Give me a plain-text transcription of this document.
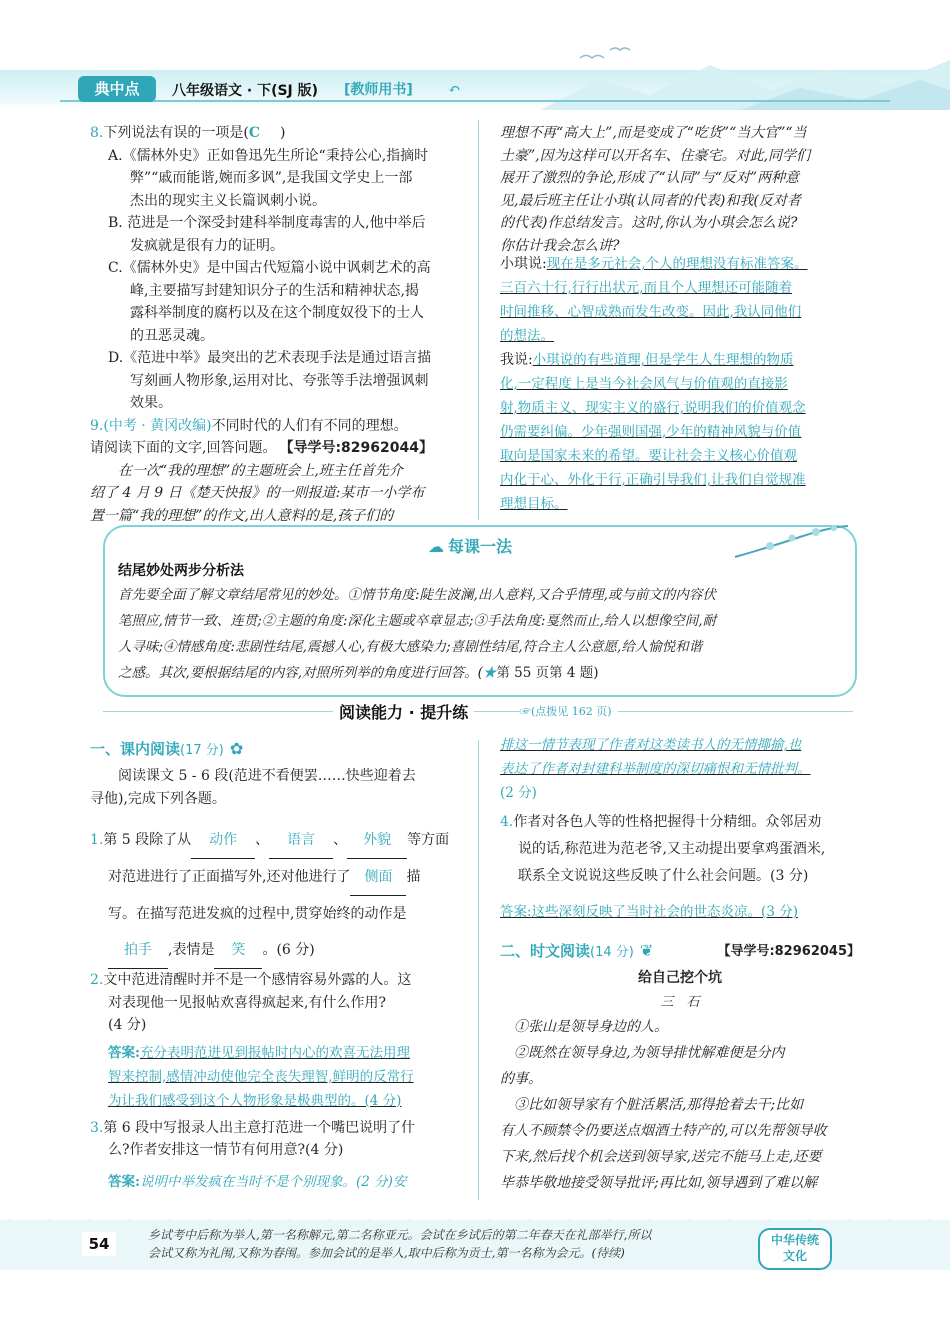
典中点	八年级语文 · 下(SJ 版) [教师用书] ↶
8.下列说法有误的一项是(C )
A.《儒林外史》正如鲁迅先生所论“秉持公心,指摘时
弊”“戚而能谐,婉而多讽”,是我国文学史上一部
杰出的现实主义长篇讽刺小说。
B. 范进是一个深受封建科举制度毒害的人,他中举后
发疯就是很有力的证明。
C.《儒林外史》是中国古代短篇小说中讽刺艺术的高
峰,主要描写封建知识分子的生活和精神状态,揭
露科举制度的腐朽以及在这个制度奴役下的士人
的丑恶灵魂。
D.《范进中举》最突出的艺术表现手法是通过语言描
写刻画人物形象,运用对比、夸张等手法增强讽刺
效果。
9.(中考 · 黄冈改编)不同时代的人们有不同的理想。
请阅读下面的文字,回答问题。 【导学号:82962044】
在一次“我的理想”的主题班会上,班主任首先介
绍了 4 月 9 日《楚天快报》的一则报道:某市一小学布
置一篇“我的理想”的作文,出人意料的是,孩子们的
理想不再“高大上”,而是变成了“吃货”“当大官”“当
土豪”,因为这样可以开名车、住豪宅。对此,同学们
展开了激烈的争论,形成了“认同”与“反对”两种意
见,最后班主任让小琪(认同者的代表)和我(反对者
的代表)作总结发言。这时,你认为小琪会怎么说?
你估计我会怎么讲?
小琪说:现在是多元社会,个人的理想没有标准答案。
三百六十行,行行出状元,而且个人理想还可能随着
时间推移、心智成熟而发生改变。因此,我认同他们
的想法。
我说:小琪说的有些道理,但是学生人生理想的物质
化,一定程度上是当今社会风气与价值观的直接影
射,物质主义、现实主义的盛行,说明我们的价值观念
仍需要纠偏。少年强则国强,少年的精神风貌与价值
取向是国家未来的希望。要让社会主义核心价值观
内化于心、外化于行,正确引导我们,让我们自觉规准
理想目标。
☁ 每课一法
结尾妙处两步分析法
首先要全面了解文章结尾常见的妙处。①情节角度:陡生波澜,出人意料,又合乎情理,或与前文的内容伏
笔照应,情节一致、连贯;②主题的角度:深化主题或卒章显志;③手法角度:戛然而止,给人以想像空间,耐
人寻味;④情感角度:悲剧性结尾,震撼人心,有极大感染力;喜剧性结尾,符合主人公意愿,给人愉悦和谐
之感。其次,要根据结尾的内容,对照所列举的角度进行回答。(★第 55 页第 4 题)
阅读能力 · 提升练	☞(点拨见 162 页)
一、课内阅读(17 分) ✿
阅读课文 5 - 6 段(范进不看便罢……快些迎着去
寻他),完成下列各题。
1.第 5 段除了从 动作 、 语言 、 外貌 等方面
对范进进行了正面描写外,还对他进行了 侧面 描
写。在描写范进发疯的过程中,贯穿始终的动作是
拍手 ,表情是 笑 。(6 分)
2.文中范进清醒时并不是一个感情容易外露的人。这
对表现他一见报帖欢喜得疯起来,有什么作用?
(4 分)
答案:充分表明范进见到报帖时内心的欢喜无法用理
智来控制,感情冲动使他完全丧失理智,鲜明的反常行
为让我们感受到这个人物形象是极典型的。(4 分)
3.第 6 段中写报录人出主意打范进一个嘴巴说明了什
么?作者安排这一情节有何用意?(4 分)
答案:说明中举发疯在当时不是个别现象。(2 分)安
排这一情节表现了作者对这类读书人的无情揶揄,也
表达了作者对封建科举制度的深切痛恨和无情批判。
(2 分)
4.作者对各色人等的性格把握得十分精细。众邻居劝
说的话,称范进为范老爷,又主动提出要拿鸡蛋酒米,
联系全文说说这些反映了什么社会问题。(3 分)
答案:这些深刻反映了当时社会的世态炎凉。(3 分)
二、时文阅读(14 分) ❦	【导学号:82962045】
给自己挖个坑
三　石
①张山是领导身边的人。
②既然在领导身边,为领导排忧解难便是分内
的事。
③比如领导家有个脏活累活,那得抢着去干;比如
有人不顾禁令仍要送点烟酒土特产的,可以先帮领导收
下来,然后找个机会送到领导家,送完不能马上走,还要
毕恭毕敬地接受领导批评;再比如,领导遇到了难以解
54	乡试考中后称为举人,第一名称解元,第二名称亚元。会试在乡试后的第二年春天在礼部举行,所以
会试又称为礼闱,又称为春闱。参加会试的是举人,取中后称为贡士,第一名称为会元。(待续)
中华传统
文化
